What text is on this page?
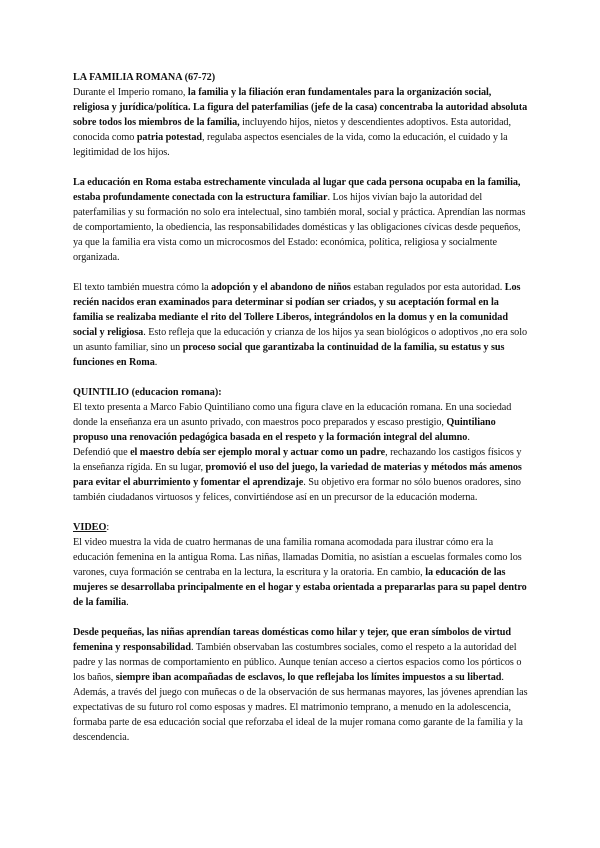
LA FAMILIA ROMANA (67-72)

Durante el Imperio romano, la familia y la filiación eran fundamentales para la organización social, religiosa y jurídica/política. La figura del paterfamilias (jefe de la casa) concentraba la autoridad absoluta sobre todos los miembros de la familia, incluyendo hijos, nietos y descendientes adoptivos. Esta autoridad, conocida como patria potestad, regulaba aspectos esenciales de la vida, como la educación, el cuidado y la legitimidad de los hijos.

La educación en Roma estaba estrechamente vinculada al lugar que cada persona ocupaba en la familia, estaba profundamente conectada con la estructura familiar. Los hijos vivían bajo la autoridad del paterfamilias y su formación no solo era intelectual, sino también moral, social y práctica. Aprendían las normas de comportamiento, la obediencia, las responsabilidades domésticas y las obligaciones cívicas desde pequeños, ya que la familia era vista como un microcosmos del Estado: económica, política, religiosa y socialmente organizada.

El texto también muestra cómo la adopción y el abandono de niños estaban regulados por esta autoridad. Los recién nacidos eran examinados para determinar si podían ser criados, y su aceptación formal en la familia se realizaba mediante el rito del Tollere Liberos, integrándolos en la domus y en la comunidad social y religiosa. Esto refleja que la educación y crianza de los hijos ya sean biológicos o adoptivos ,no era solo un asunto familiar, sino un proceso social que garantizaba la continuidad de la familia, su estatus y sus funciones en Roma.

QUINTILIO (educacion romana):

El texto presenta a Marco Fabio Quintiliano como una figura clave en la educación romana. En una sociedad donde la enseñanza era un asunto privado, con maestros poco preparados y escaso prestigio, Quintiliano propuso una renovación pedagógica basada en el respeto y la formación integral del alumno.

Defendió que el maestro debía ser ejemplo moral y actuar como un padre, rechazando los castigos físicos y la enseñanza rígida. En su lugar, promovió el uso del juego, la variedad de materias y métodos más amenos para evitar el aburrimiento y fomentar el aprendizaje. Su objetivo era formar no sólo buenos oradores, sino también ciudadanos virtuosos y felices, convirtiéndose así en un precursor de la educación moderna.

VIDEO:

El video muestra la vida de cuatro hermanas de una familia romana acomodada para ilustrar cómo era la educación femenina en la antigua Roma. Las niñas, llamadas Domitia, no asistían a escuelas formales como los varones, cuya formación se centraba en la lectura, la escritura y la oratoria. En cambio, la educación de las mujeres se desarrollaba principalmente en el hogar y estaba orientada a prepararlas para su papel dentro de la familia.

Desde pequeñas, las niñas aprendían tareas domésticas como hilar y tejer, que eran símbolos de virtud femenina y responsabilidad. También observaban las costumbres sociales, como el respeto a la autoridad del padre y las normas de comportamiento en público. Aunque tenían acceso a ciertos espacios como los pórticos o los baños, siempre iban acompañadas de esclavos, lo que reflejaba los límites impuestos a su libertad. Además, a través del juego con muñecas o de la observación de sus hermanas mayores, las jóvenes aprendían las expectativas de su futuro rol como esposas y madres. El matrimonio temprano, a menudo en la adolescencia, formaba parte de esa educación social que reforzaba el ideal de la mujer romana como garante de la familia y la descendencia.
